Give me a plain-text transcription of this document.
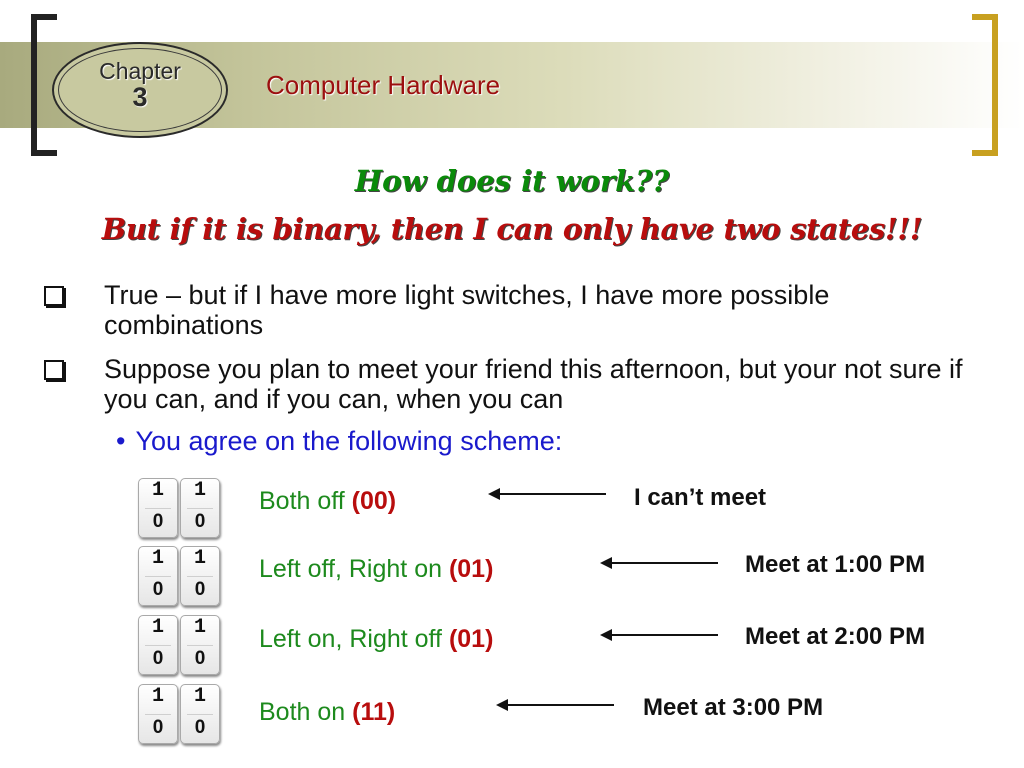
Chapter
3	Computer Hardware
How does it work??
But if it is binary, then I can only have two states!!!
True – but if I have more light switches, I have more possible combinations
Suppose you plan to meet your friend this afternoon, but your not sure if you can, and if you can, when you can
• You agree on the following scheme:
1
0
1
0
Both off (00)	I can’t meet
1
0
1
0
Left off, Right on (01)	Meet at 1:00 PM
1
0
1
0
Left on, Right off (01)	Meet at 2:00 PM
1
0
1
0
Both on (11)	Meet at 3:00 PM
